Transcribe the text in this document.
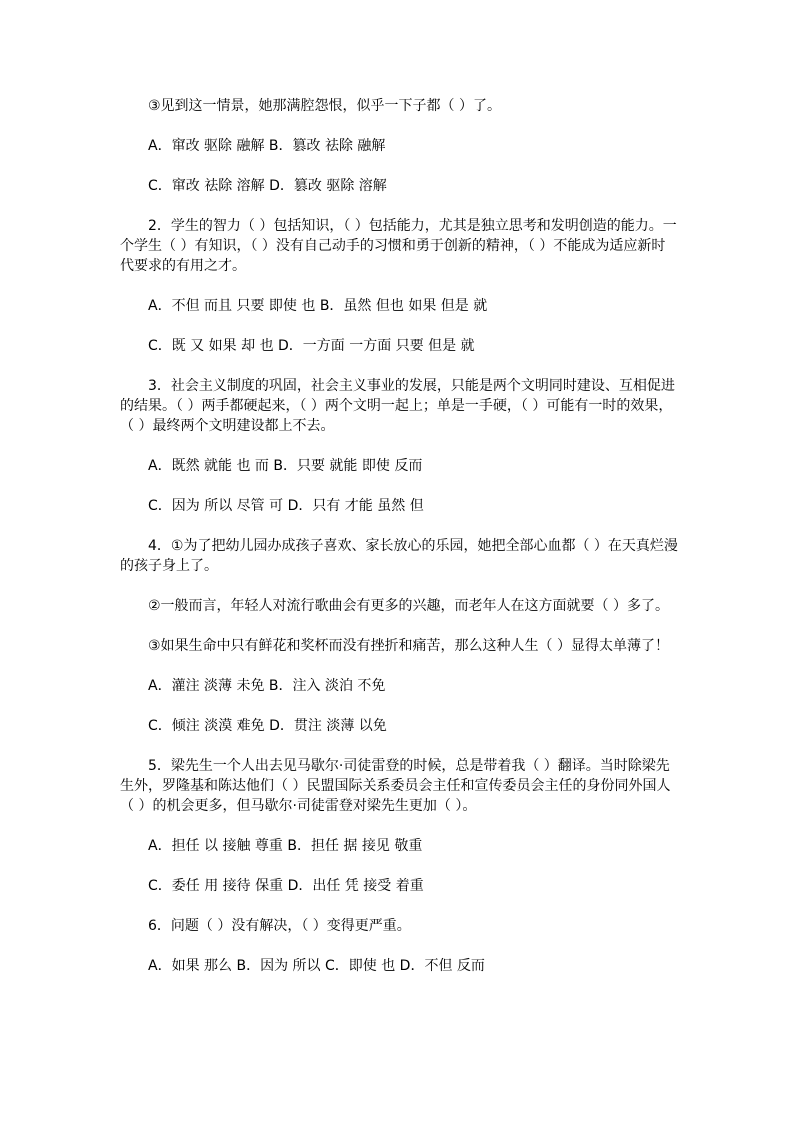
③见到这一情景，她那满腔怨恨，似乎一下子都（ ）了。

A．窜改 驱除 融解 B．篡改 祛除 融解

C．窜改 祛除 溶解 D．篡改 驱除 溶解

2．学生的智力（ ）包括知识，（ ）包括能力，尤其是独立思考和发明创造的能力。一个学生（ ）有知识，（ ）没有自己动手的习惯和勇于创新的精神，（ ）不能成为适应新时代要求的有用之才。

A．不但 而且 只要 即使 也 B．虽然 但也 如果 但是 就

C．既 又 如果 却 也 D．一方面 一方面 只要 但是 就

3．社会主义制度的巩固，社会主义事业的发展，只能是两个文明同时建设、互相促进的结果。（ ）两手都硬起来，（ ）两个文明一起上；单是一手硬，（ ）可能有一时的效果，（ ）最终两个文明建设都上不去。

A．既然 就能 也 而 B．只要 就能 即使 反而

C．因为 所以 尽管 可 D．只有 才能 虽然 但

4．①为了把幼儿园办成孩子喜欢、家长放心的乐园，她把全部心血都（ ）在天真烂漫的孩子身上了。

②一般而言，年轻人对流行歌曲会有更多的兴趣，而老年人在这方面就要（ ）多了。

③如果生命中只有鲜花和奖杯而没有挫折和痛苦，那么这种人生（ ）显得太单薄了！

A．灌注 淡薄 未免 B．注入 淡泊 不免

C．倾注 淡漠 难免 D．贯注 淡薄 以免

5．梁先生一个人出去见马歇尔·司徒雷登的时候，总是带着我（ ）翻译。当时除梁先生外，罗隆基和陈达他们（ ）民盟国际关系委员会主任和宣传委员会主任的身份同外国人（ ）的机会更多，但马歇尔·司徒雷登对梁先生更加（ ）。

A．担任 以 接触 尊重 B．担任 据 接见 敬重

C．委任 用 接待 保重 D．出任 凭 接受 着重

6．问题（ ）没有解决，（ ）变得更严重。

A．如果 那么 B．因为 所以 C．即使 也 D．不但 反而
